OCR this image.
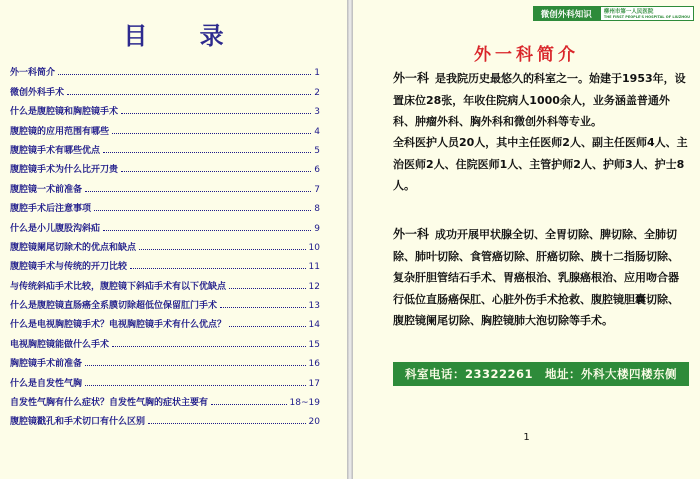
目 录
外一科简介	1
微创外科手术	2
什么是腹腔镜和胸腔镜手术	3
腹腔镜的应用范围有哪些	4
腹腔镜手术有哪些优点	5
腹腔镜手术为什么比开刀贵	6
腹腔镜一术前准备	7
腹腔手术后注意事项	8
什么是小儿腹股沟斜疝	9
腹腔镜阑尾切除术的优点和缺点	10
腹腔镜手术与传统的开刀比较	11
与传统斜疝手术比较，腹腔镜下斜疝手术有以下优缺点	12
什么是腹腔镜直肠癌全系膜切除超低位保留肛门手术	13
什么是电视胸腔镜手术？电视胸腔镜手术有什么优点？	14
电视胸腔镜能做什么手术	15
胸腔镜手术前准备	16
什么是自发性气胸	17
自发性气胸有什么症状？自发性气胸的症状主要有	18~19
腹腔镜戳孔和手术切口有什么区别	20
微创外科知识	柳州市第一人民医院
THE FIRST PEOPLE'S HOSPITAL OF LIUZHOU
外一科简介
外一科 是我院历史最悠久的科室之一。始建于1953年，设置床位28张，年收住院病人1000余人，业务涵盖普通外科、肿瘤外科、胸外科和微创外科等专业。
全科医护人员20人，其中主任医师2人、副主任医师4人、主治医师2人、住院医师1人、主管护师2人、护师3人、护士8人。
外一科 成功开展甲状腺全切、全胃切除、脾切除、全肺切除、肺叶切除、食管癌切除、肝癌切除、胰十二指肠切除、复杂肝胆管结石手术、胃癌根治、乳腺癌根治、应用吻合器行低位直肠癌保肛、心脏外伤手术抢救、腹腔镜胆囊切除、腹腔镜阑尾切除、胸腔镜肺大泡切除等手术。
科室电话：23322261　地址：外科大楼四楼东侧
1
